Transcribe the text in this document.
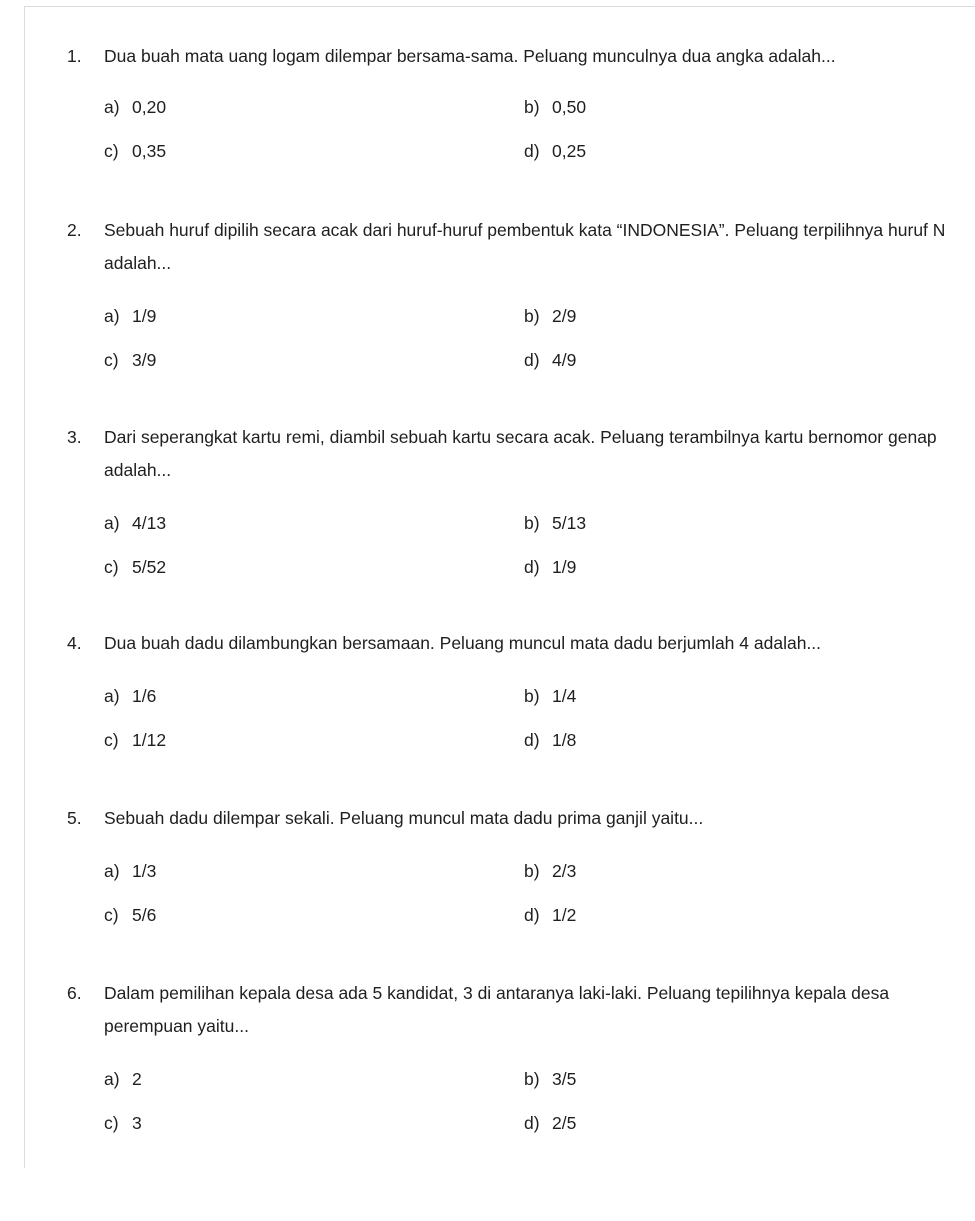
1. Dua buah mata uang logam dilempar bersama-sama. Peluang munculnya dua angka adalah...
a) 0,20	b) 0,50
c) 0,35	d) 0,25
2. Sebuah huruf dipilih secara acak dari huruf-huruf pembentuk kata “INDONESIA”. Peluang terpilihnya huruf N adalah...
a) 1/9	b) 2/9
c) 3/9	d) 4/9
3. Dari seperangkat kartu remi, diambil sebuah kartu secara acak. Peluang terambilnya kartu bernomor genap adalah...
a) 4/13	b) 5/13
c) 5/52	d) 1/9
4. Dua buah dadu dilambungkan bersamaan. Peluang muncul mata dadu berjumlah 4 adalah...
a) 1/6	b) 1/4
c) 1/12	d) 1/8
5. Sebuah dadu dilempar sekali. Peluang muncul mata dadu prima ganjil yaitu...
a) 1/3	b) 2/3
c) 5/6	d) 1/2
6. Dalam pemilihan kepala desa ada 5 kandidat, 3 di antaranya laki-laki. Peluang tepilihnya kepala desa perempuan yaitu...
a) 2	b) 3/5
c) 3	d) 2/5
